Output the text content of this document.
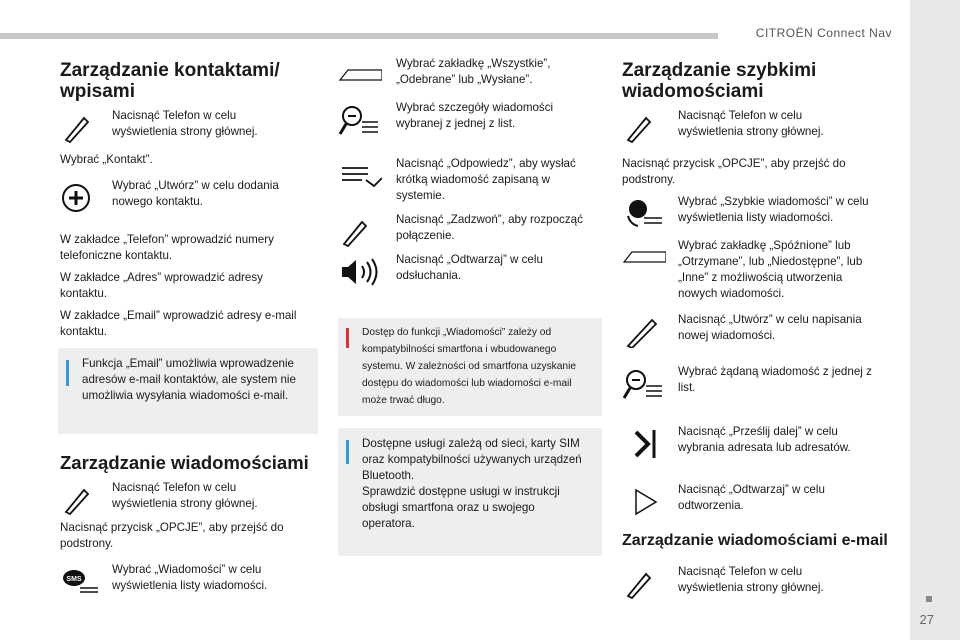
CITROËN Connect Nav
27
Zarządzanie kontaktami/ wpisami
Nacisnąć Telefon w celu wyświetlenia strony głównej.
Wybrać „Kontakt”.
Wybrać „Utwórz” w celu dodania nowego kontaktu.
W zakładce „Telefon” wprowadzić numery telefoniczne kontaktu.
W zakładce „Adres” wprowadzić adresy kontaktu.
W zakładce „Email” wprowadzić adresy e-mail kontaktu.
Funkcja „Email” umożliwia wprowadzenie adresów e-mail kontaktów, ale system nie umożliwia wysyłania wiadomości e-mail.
Zarządzanie wiadomościami
Nacisnąć Telefon w celu wyświetlenia strony głównej.
Nacisnąć przycisk „OPCJE”, aby przejść do podstrony.
SMS
Wybrać „Wiadomości” w celu wyświetlenia listy wiadomości.
Wybrać zakładkę „Wszystkie”, „Odebrane” lub „Wysłane”.
Wybrać szczegóły wiadomości wybranej z jednej z list.
Nacisnąć „Odpowiedz”, aby wysłać krótką wiadomość zapisaną w systemie.
Nacisnąć „Zadzwoń”, aby rozpocząć połączenie.
Nacisnąć „Odtwarzaj” w celu odsłuchania.
Dostęp do funkcji „Wiadomości” zależy od kompatybilności smartfona i wbudowanego systemu. W zależności od smartfona uzyskanie dostępu do wiadomości lub wiadomości e-mail może trwać długo.
Dostępne usługi zależą od sieci, karty SIM oraz kompatybilności używanych urządzeń Bluetooth.
Sprawdzić dostępne usługi w instrukcji obsługi smartfona oraz u swojego operatora.
Zarządzanie szybkimi wiadomościami
Nacisnąć Telefon w celu wyświetlenia strony głównej.
Nacisnąć przycisk „OPCJE”, aby przejść do podstrony.
Wybrać „Szybkie wiadomości” w celu wyświetlenia listy wiadomości.
Wybrać zakładkę „Spóźnione” lub „Otrzymane”, lub „Niedostępne”, lub „Inne” z możliwością utworzenia nowych wiadomości.
Nacisnąć „Utwórz” w celu napisania nowej wiadomości.
Wybrać żądaną wiadomość z jednej z list.
Nacisnąć „Prześlij dalej” w celu wybrania adresata lub adresatów.
Nacisnąć „Odtwarzaj” w celu odtworzenia.
Zarządzanie wiadomościami e-mail
Nacisnąć Telefon w celu wyświetlenia strony głównej.
